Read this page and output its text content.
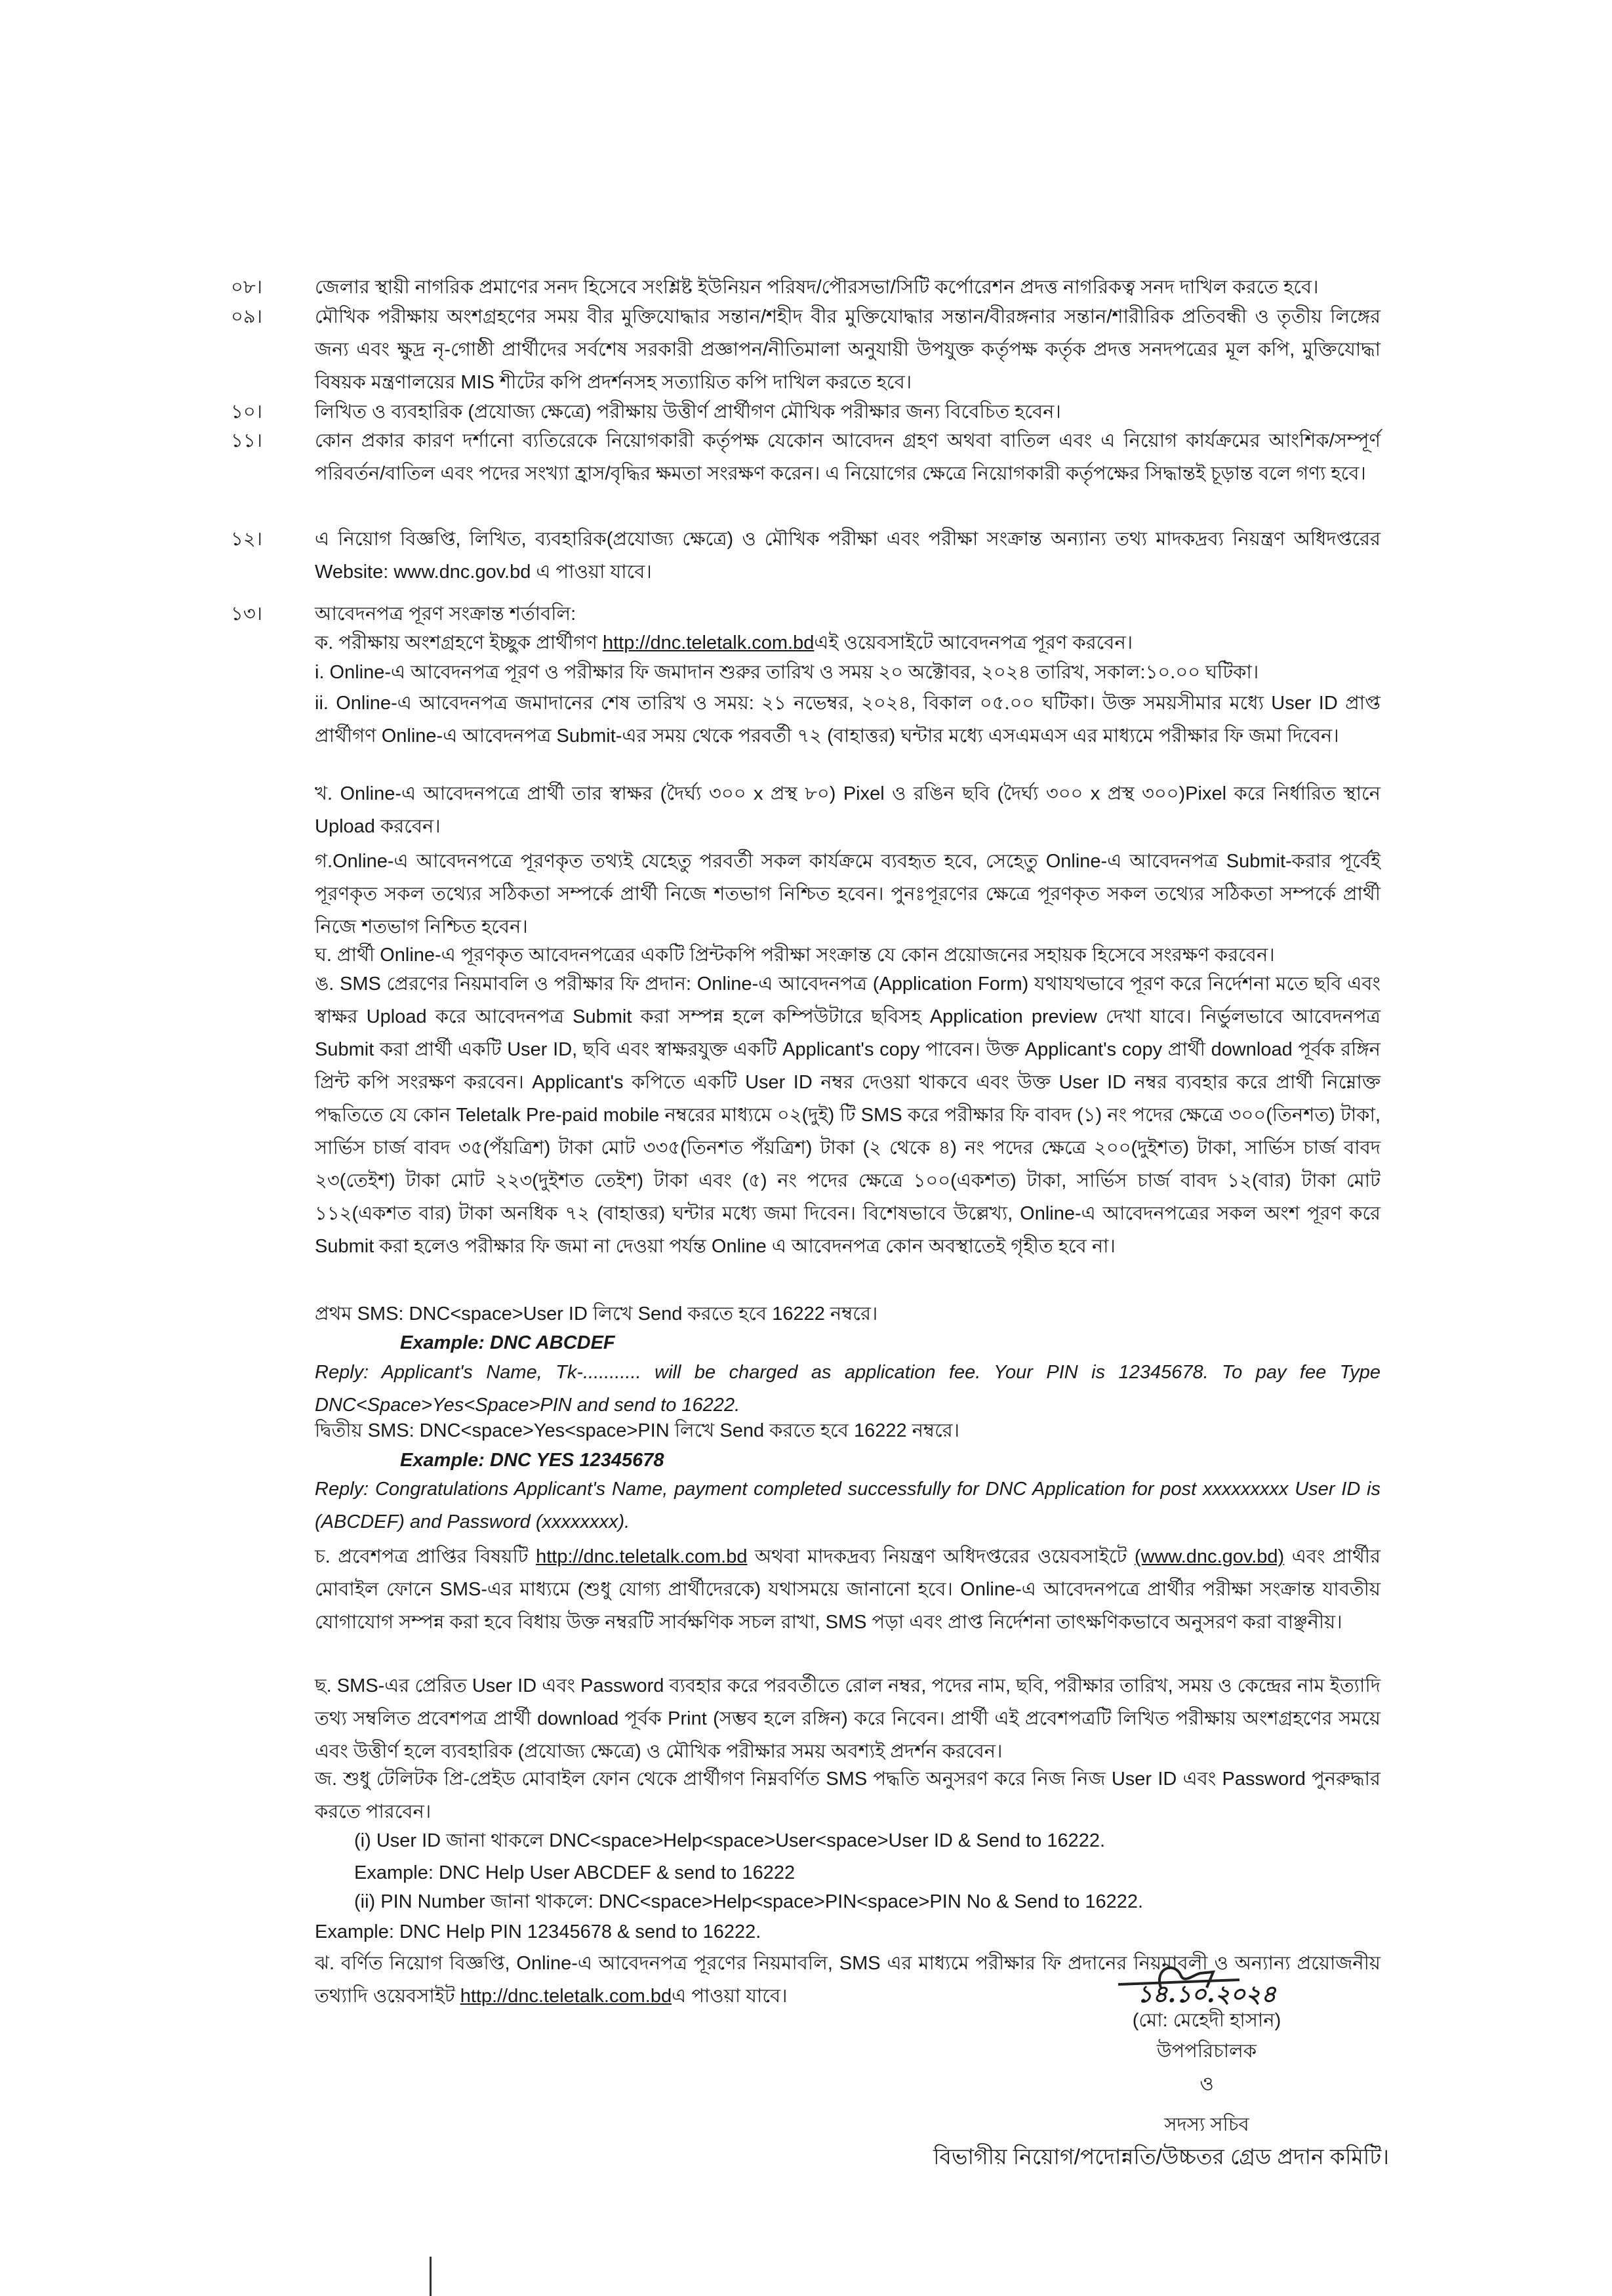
০৮।	জেলার স্থায়ী নাগরিক প্রমাণের সনদ হিসেবে সংশ্লিষ্ট ইউনিয়ন পরিষদ/পৌরসভা/সিটি কর্পোরেশন প্রদত্ত নাগরিকত্ব সনদ দাখিল করতে হবে।
০৯।	মৌখিক পরীক্ষায় অংশগ্রহণের সময় বীর মুক্তিযোদ্ধার সন্তান/শহীদ বীর মুক্তিযোদ্ধার সন্তান/বীরঙ্গনার সন্তান/শারীরিক প্রতিবন্ধী ও তৃতীয় লিঙ্গের জন্য এবং ক্ষুদ্র নৃ-গোষ্ঠী প্রার্থীদের সর্বশেষ সরকারী প্রজ্ঞাপন/নীতিমালা অনুযায়ী উপযুক্ত কর্তৃপক্ষ কর্তৃক প্রদত্ত সনদপত্রের মূল কপি, মুক্তিযোদ্ধা বিষয়ক মন্ত্রণালয়ের MIS শীটের কপি প্রদর্শনসহ সত্যায়িত কপি দাখিল করতে হবে।
১০।	লিখিত ও ব্যবহারিক (প্রযোজ্য ক্ষেত্রে) পরীক্ষায় উত্তীর্ণ প্রার্থীগণ মৌখিক পরীক্ষার জন্য বিবেচিত হবেন।
১১।	কোন প্রকার কারণ দর্শানো ব্যতিরেকে নিয়োগকারী কর্তৃপক্ষ যেকোন আবেদন গ্রহণ অথবা বাতিল এবং এ নিয়োগ কার্যক্রমের আংশিক/সম্পূর্ণ পরিবর্তন/বাতিল এবং পদের সংখ্যা হ্রাস/বৃদ্ধির ক্ষমতা সংরক্ষণ করেন। এ নিয়োগের ক্ষেত্রে নিয়োগকারী কর্তৃপক্ষের সিদ্ধান্তই চূড়ান্ত বলে গণ্য হবে।
১২।	এ নিয়োগ বিজ্ঞপ্তি, লিখিত, ব্যবহারিক(প্রযোজ্য ক্ষেত্রে) ও মৌখিক পরীক্ষা এবং পরীক্ষা সংক্রান্ত অন্যান্য তথ্য মাদকদ্রব্য নিয়ন্ত্রণ অধিদপ্তরের Website: www.dnc.gov.bd এ পাওয়া যাবে।
১৩।	আবেদনপত্র পূরণ সংক্রান্ত শর্তাবলি:
ক. পরীক্ষায় অংশগ্রহণে ইচ্ছুক প্রার্থীগণ http://dnc.teletalk.com.bdএই ওয়েবসাইটে আবেদনপত্র পূরণ করবেন।
i. Online-এ আবেদনপত্র পূরণ ও পরীক্ষার ফি জমাদান শুরুর তারিখ ও সময় ২০ অক্টোবর, ২০২৪ তারিখ, সকাল:১০.০০ ঘটিকা।
ii. Online-এ আবেদনপত্র জমাদানের শেষ তারিখ ও সময়: ২১ নভেম্বর, ২০২৪, বিকাল ০৫.০০ ঘটিকা। উক্ত সময়সীমার মধ্যে User ID প্রাপ্ত প্রার্থীগণ Online-এ আবেদনপত্র Submit-এর সময় থেকে পরবর্তী ৭২ (বাহাত্তর) ঘন্টার মধ্যে এসএমএস এর মাধ্যমে পরীক্ষার ফি জমা দিবেন।
খ. Online-এ আবেদনপত্রে প্রার্থী তার স্বাক্ষর (দৈর্ঘ্য ৩০০ x প্রস্থ ৮০) Pixel ও রঙিন ছবি (দৈর্ঘ্য ৩০০ x প্রস্থ ৩০০)Pixel করে নির্ধারিত স্থানে Upload করবেন।
গ.Online-এ আবেদনপত্রে পূরণকৃত তথ্যই যেহেতু পরবর্তী সকল কার্যক্রমে ব্যবহৃত হবে, সেহেতু Online-এ আবেদনপত্র Submit-করার পূর্বেই পূরণকৃত সকল তথ্যের সঠিকতা সম্পর্কে প্রার্থী নিজে শতভাগ নিশ্চিত হবেন। পুনঃপূরণের ক্ষেত্রে পূরণকৃত সকল তথ্যের সঠিকতা সম্পর্কে প্রার্থী নিজে শতভাগ নিশ্চিত হবেন।
ঘ. প্রার্থী Online-এ পূরণকৃত আবেদনপত্রের একটি প্রিন্টকপি পরীক্ষা সংক্রান্ত যে কোন প্রয়োজনের সহায়ক হিসেবে সংরক্ষণ করবেন।
ঙ. SMS প্রেরণের নিয়মাবলি ও পরীক্ষার ফি প্রদান: Online-এ আবেদনপত্র (Application Form) যথাযথভাবে পূরণ করে নির্দেশনা মতে ছবি এবং স্বাক্ষর Upload করে আবেদনপত্র Submit করা সম্পন্ন হলে কম্পিউটারে ছবিসহ Application preview দেখা যাবে। নির্ভুলভাবে আবেদনপত্র Submit করা প্রার্থী একটি User ID, ছবি এবং স্বাক্ষরযুক্ত একটি Applicant's copy পাবেন। উক্ত Applicant's copy প্রার্থী download পূর্বক রঙ্গিন প্রিন্ট কপি সংরক্ষণ করবেন। Applicant's কপিতে একটি User ID নম্বর দেওয়া থাকবে এবং উক্ত User ID নম্বর ব্যবহার করে প্রার্থী নিম্নোক্ত পদ্ধতিতে যে কোন Teletalk Pre-paid mobile নম্বরের মাধ্যমে ০২(দুই) টি SMS করে পরীক্ষার ফি বাবদ (১) নং পদের ক্ষেত্রে ৩০০(তিনশত) টাকা, সার্ভিস চার্জ বাবদ ৩৫(পঁয়ত্রিশ) টাকা মোট ৩৩৫(তিনশত পঁয়ত্রিশ) টাকা (২ থেকে ৪) নং পদের ক্ষেত্রে ২০০(দুইশত) টাকা, সার্ভিস চার্জ বাবদ ২৩(তেইশ) টাকা মোট ২২৩(দুইশত তেইশ) টাকা এবং (৫) নং পদের ক্ষেত্রে ১০০(একশত) টাকা, সার্ভিস চার্জ বাবদ ১২(বার) টাকা মোট ১১২(একশত বার) টাকা অনধিক ৭২ (বাহাত্তর) ঘন্টার মধ্যে জমা দিবেন। বিশেষভাবে উল্লেখ্য, Online-এ আবেদনপত্রের সকল অংশ পূরণ করে Submit করা হলেও পরীক্ষার ফি জমা না দেওয়া পর্যন্ত Online এ আবেদনপত্র কোন অবস্থাতেই গৃহীত হবে না।
প্রথম SMS: DNC<space>User ID লিখে Send করতে হবে 16222 নম্বরে।
Example: DNC ABCDEF
Reply: Applicant's Name, Tk-........... will be charged as application fee. Your PIN is 12345678. To pay fee Type DNC<Space>Yes<Space>PIN and send to 16222.
দ্বিতীয় SMS: DNC<space>Yes<space>PIN লিখে Send করতে হবে 16222 নম্বরে।
Example: DNC YES 12345678
Reply: Congratulations Applicant's Name, payment completed successfully for DNC Application for post xxxxxxxxx User ID is (ABCDEF) and Password (xxxxxxxx).
চ. প্রবেশপত্র প্রাপ্তির বিষয়টি http://dnc.teletalk.com.bd অথবা মাদকদ্রব্য নিয়ন্ত্রণ অধিদপ্তরের ওয়েবসাইটে (www.dnc.gov.bd) এবং প্রার্থীর মোবাইল ফোনে SMS-এর মাধ্যমে (শুধু যোগ্য প্রার্থীদেরকে) যথাসময়ে জানানো হবে। Online-এ আবেদনপত্রে প্রার্থীর পরীক্ষা সংক্রান্ত যাবতীয় যোগাযোগ সম্পন্ন করা হবে বিধায় উক্ত নম্বরটি সার্বক্ষণিক সচল রাখা, SMS পড়া এবং প্রাপ্ত নির্দেশনা তাৎক্ষণিকভাবে অনুসরণ করা বাঞ্ছনীয়।
ছ. SMS-এর প্রেরিত User ID এবং Password ব্যবহার করে পরবর্তীতে রোল নম্বর, পদের নাম, ছবি, পরীক্ষার তারিখ, সময় ও কেন্দ্রের নাম ইত্যাদি তথ্য সম্বলিত প্রবেশপত্র প্রার্থী download পূর্বক Print (সম্ভব হলে রঙ্গিন) করে নিবেন। প্রার্থী এই প্রবেশপত্রটি লিখিত পরীক্ষায় অংশগ্রহণের সময়ে এবং উত্তীর্ণ হলে ব্যবহারিক (প্রযোজ্য ক্ষেত্রে) ও মৌখিক পরীক্ষার সময় অবশ্যই প্রদর্শন করবেন।
জ. শুধু টেলিটক প্রি-প্রেইড মোবাইল ফোন থেকে প্রার্থীগণ নিম্নবর্ণিত SMS পদ্ধতি অনুসরণ করে নিজ নিজ User ID এবং Password পুনরুদ্ধার করতে পারবেন।
(i) User ID জানা থাকলে DNC<space>Help<space>User<space>User ID & Send to 16222.
Example: DNC Help User ABCDEF & send to 16222
(ii) PIN Number জানা থাকলে: DNC<space>Help<space>PIN<space>PIN No & Send to 16222.
Example: DNC Help PIN 12345678 & send to 16222.
ঝ. বর্ণিত নিয়োগ বিজ্ঞপ্তি, Online-এ আবেদনপত্র পূরণের নিয়মাবলি, SMS এর মাধ্যমে পরীক্ষার ফি প্রদানের নিয়মাবলী ও অন্যান্য প্রয়োজনীয় তথ্যাদি ওয়েবসাইট http://dnc.teletalk.com.bdএ পাওয়া যাবে।	১৪.১০.২০২৪
(মো: মেহেদী হাসান)
উপপরিচালক
ও
সদস্য সচিব
বিভাগীয় নিয়োগ/পদোন্নতি/উচ্চতর গ্রেড প্রদান কমিটি।
